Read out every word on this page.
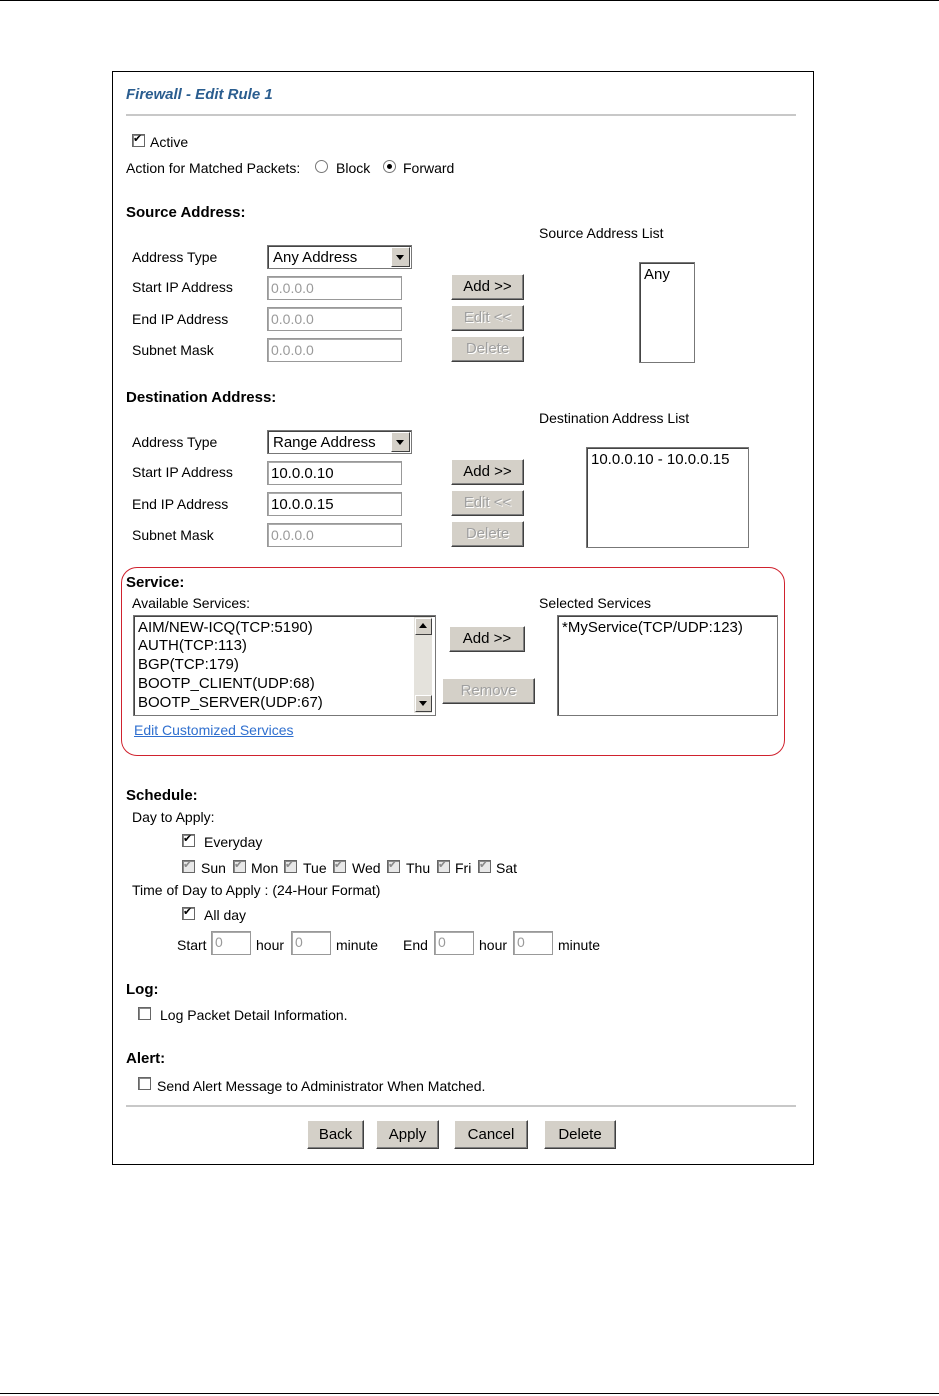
Firewall - Edit Rule 1
✔
Active
Action for Matched Packets:	Block Forward
Source Address:
Source Address List
Address Type	Any Address
Start IP Address	0.0.0.0
End IP Address	0.0.0.0
Subnet Mask	0.0.0.0
Add >>
Edit <<
Delete
Any
Destination Address:
Destination Address List
Address Type	Range Address
Start IP Address	10.0.0.10
End IP Address	10.0.0.15
Subnet Mask	0.0.0.0
Add >>
Edit <<
Delete
10.0.0.10 - 10.0.0.15
Service:
Available Services:	Selected Services
AIM/NEW-ICQ(TCP:5190)
AUTH(TCP:113)
BGP(TCP:179)
BOOTP_CLIENT(UDP:68)
BOOTP_SERVER(UDP:67)
Add >>
Remove
*MyService(TCP/UDP:123)
Edit Customized Services
Schedule:
Day to Apply:
✔
Everyday
✔
Sun ✔ Mon ✔ Tue ✔ Wed ✔ Thu ✔ Fri ✔ Sat
Time of Day to Apply : (24-Hour Format)
✔
All day
Start 0 hour 0 minute End 0 hour 0 minute
Log:
Log Packet Detail Information.
Alert:
Send Alert Message to Administrator When Matched.
Back	Apply	Cancel	Delete
